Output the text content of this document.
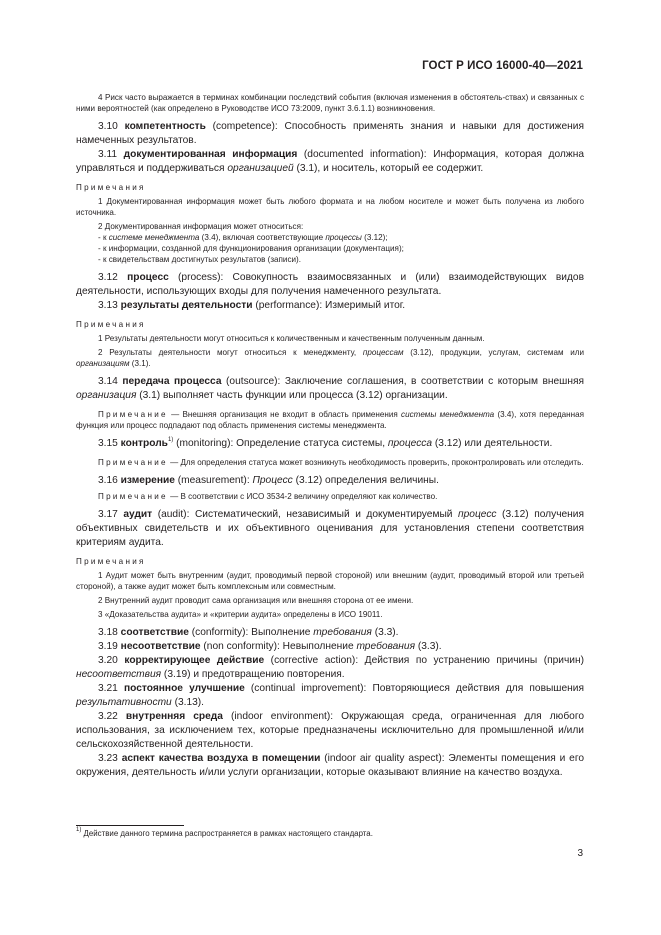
ГОСТ Р ИСО 16000-40—2021

4 Риск часто выражается в терминах комбинации последствий события (включая изменения в обстоятель-ствах) и связанных с ними вероятностей (как определено в Руководстве ИСО 73:2009, пункт 3.6.1.1) возникновения.

3.10 компетентность (competence): Способность применять знания и навыки для достижения намеченных результатов.

3.11 документированная информация (documented information): Информация, которая должна управляться и поддерживаться организацией (3.1), и носитель, который ее содержит.

Примечания

1 Документированная информация может быть любого формата и на любом носителе и может быть получена из любого источника.

2 Документированная информация может относиться:

- к системе менеджмента (3.4), включая соответствующие процессы (3.12);

- к информации, созданной для функционирования организации (документация);

- к свидетельствам достигнутых результатов (записи).

3.12 процесс (process): Совокупность взаимосвязанных и (или) взаимодействующих видов деятельности, использующих входы для получения намеченного результата.

3.13 результаты деятельности (performance): Измеримый итог.

Примечания

1 Результаты деятельности могут относиться к количественным и качественным полученным данным.

2 Результаты деятельности могут относиться к менеджменту, процессам (3.12), продукции, услугам, системам или организациям (3.1).

3.14 передача процесса (outsource): Заключение соглашения, в соответствии с которым внешняя организация (3.1) выполняет часть функции или процесса (3.12) организации.

Примечание — Внешняя организация не входит в область применения системы менеджмента (3.4), хотя переданная функция или процесс подпадают под область применения системы менеджмента.

3.15 контроль$^{1)}$ (monitoring): Определение статуса системы, процесса (3.12) или деятельности.

Примечание — Для определения статуса может возникнуть необходимость проверить, проконтролировать или отследить.

3.16 измерение (measurement): Процесс (3.12) определения величины.

Примечание — В соответствии с ИСО 3534-2 величину определяют как количество.

3.17 аудит (audit): Систематический, независимый и документируемый процесс (3.12) получения объективных свидетельств и их объективного оценивания для установления степени соответствия критериям аудита.

Примечания

1 Аудит может быть внутренним (аудит, проводимый первой стороной) или внешним (аудит, проводимый второй или третьей стороной), а также аудит может быть комплексным или совместным.

2 Внутренний аудит проводит сама организация или внешняя сторона от ее имени.

3 «Доказательства аудита» и «критерии аудита» определены в ИСО 19011.

3.18 соответствие (conformity): Выполнение требования (3.3).

3.19 несоответствие (non conformity): Невыполнение требования (3.3).

3.20 корректирующее действие (corrective action): Действия по устранению причины (причин) несоответствия (3.19) и предотвращению повторения.

3.21 постоянное улучшение (continual improvement): Повторяющиеся действия для повышения результативности (3.13).

3.22 внутренняя среда (indoor environment): Окружающая среда, ограниченная для любого использования, за исключением тех, которые предназначены исключительно для промышленной и/или сельскохозяйственной деятельности.

3.23 аспект качества воздуха в помещении (indoor air quality aspect): Элементы помещения и его окружения, деятельность и/или услуги организации, которые оказывают влияние на качество воздуха.

$^{1)}$ Действие данного термина распространяется в рамках настоящего стандарта.
3
